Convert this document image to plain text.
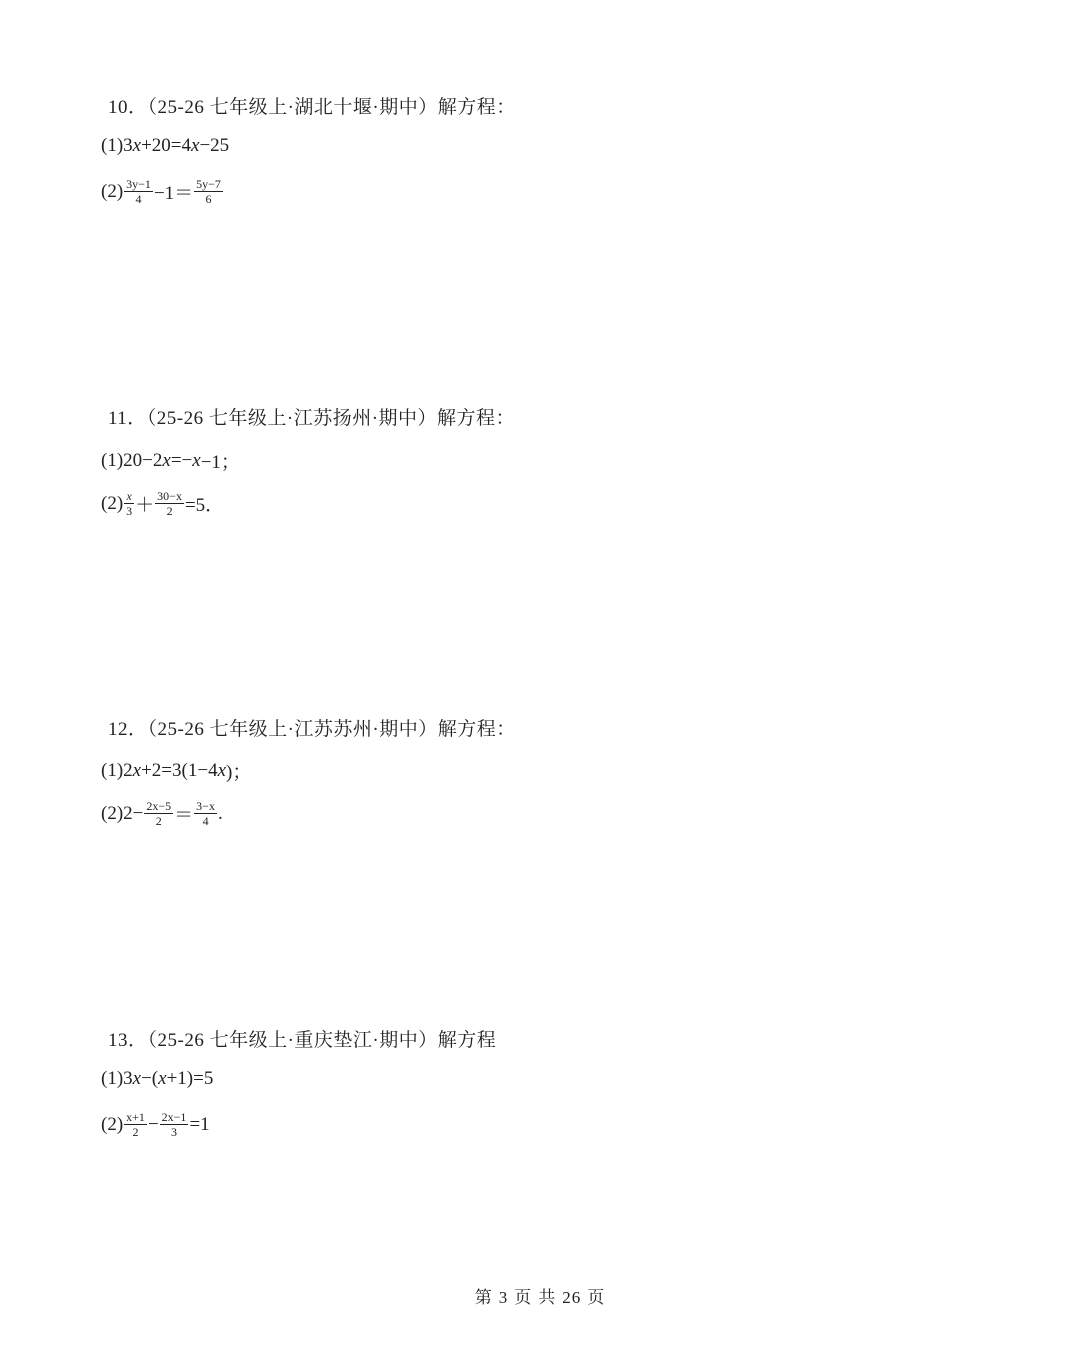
10．（25-26 七年级上·湖北十堰·期中）解方程：
(1)3 x +20=4 x −25
$(2) \frac{3y-1}{4} -1= \frac{5y-7}{6}$
11．（25-26 七年级上·江苏扬州·期中）解方程：
(1)20−2 x =− x −1；
$(2) \frac{x}{3} + \frac{30-x}{2} =5$．
12．（25-26 七年级上·江苏苏州·期中）解方程：
(1)2 x +2=3(1−4 x )；
$(2)2- \frac{2x-5}{2} = \frac{3-x}{4}$ .
13．（25-26 七年级上·重庆垫江·期中）解方程
(1)3 x −( x +1)=5
$(2) \frac{x+1}{2} - \frac{2x-1}{3} =1$
第 3 页 共 26 页
